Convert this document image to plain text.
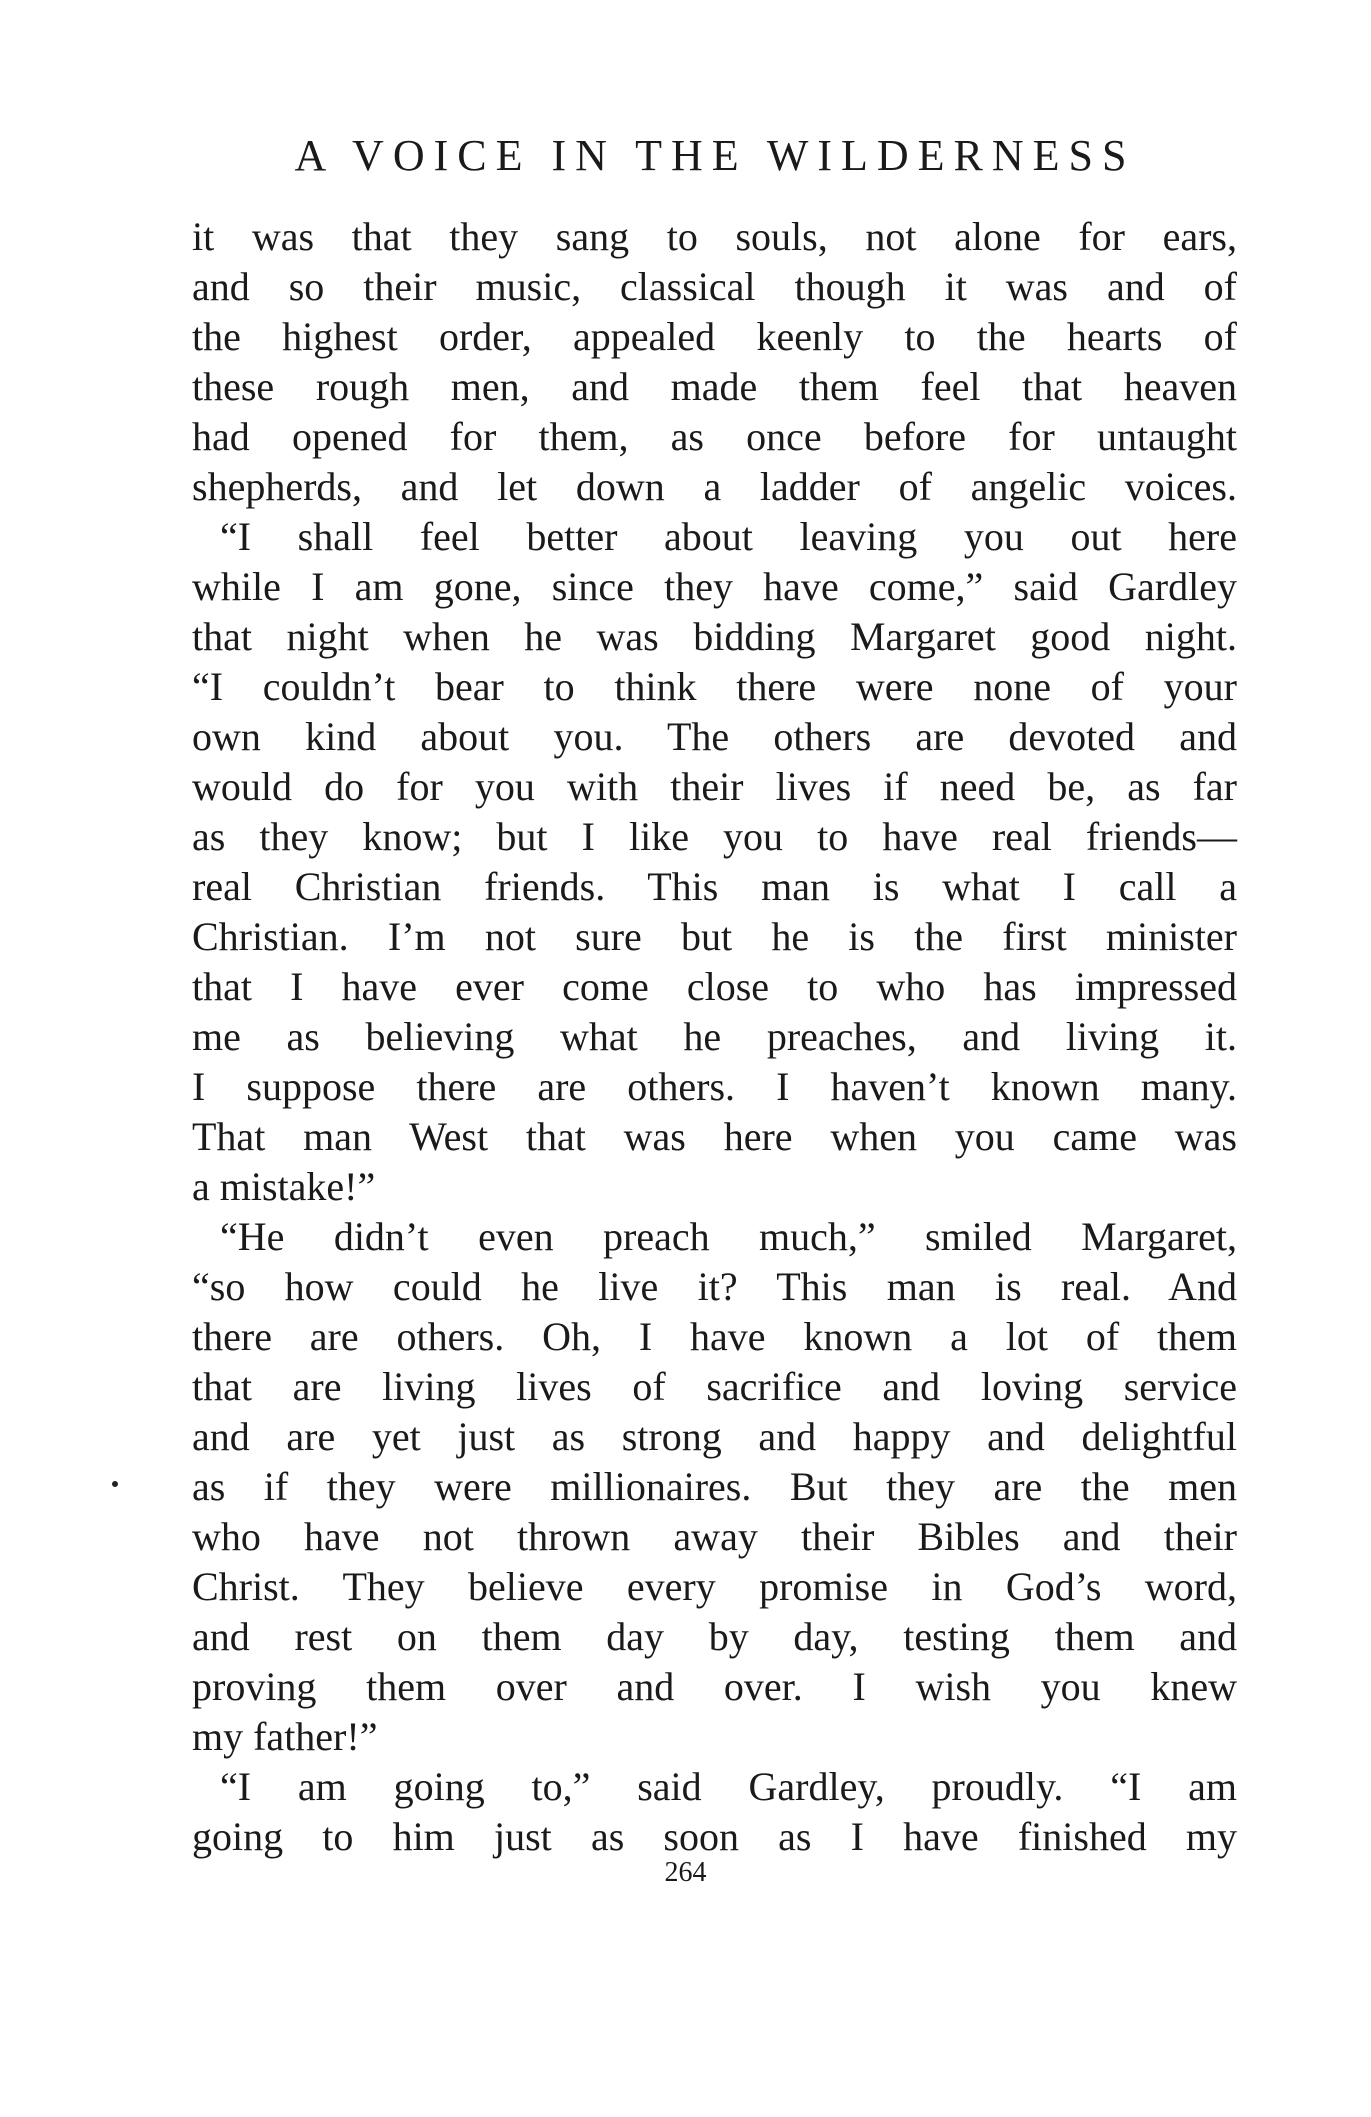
A VOICE IN THE WILDERNESS
it was that they sang to souls, not alone for ears,
and so their music, classical though it was and of
the highest order, appealed keenly to the hearts of
these rough men, and made them feel that heaven
had opened for them, as once before for untaught
shepherds, and let down a ladder of angelic voices.
“I shall feel better about leaving you out here
while I am gone, since they have come,” said Gardley
that night when he was bidding Margaret good night.
“I couldn’t bear to think there were none of your
own kind about you. The others are devoted and
would do for you with their lives if need be, as far
as they know; but I like you to have real friends—
real Christian friends. This man is what I call a
Christian. I’m not sure but he is the first minister
that I have ever come close to who has impressed
me as believing what he preaches, and living it.
I suppose there are others. I haven’t known many.
That man West that was here when you came was
a mistake!”
“He didn’t even preach much,” smiled Margaret,
“so how could he live it? This man is real. And
there are others. Oh, I have known a lot of them
that are living lives of sacrifice and loving service
and are yet just as strong and happy and delightful
as if they were millionaires. But they are the men
who have not thrown away their Bibles and their
Christ. They believe every promise in God’s word,
and rest on them day by day, testing them and
proving them over and over. I wish you knew
my father!”
“I am going to,” said Gardley, proudly. “I am
going to him just as soon as I have finished my
264
